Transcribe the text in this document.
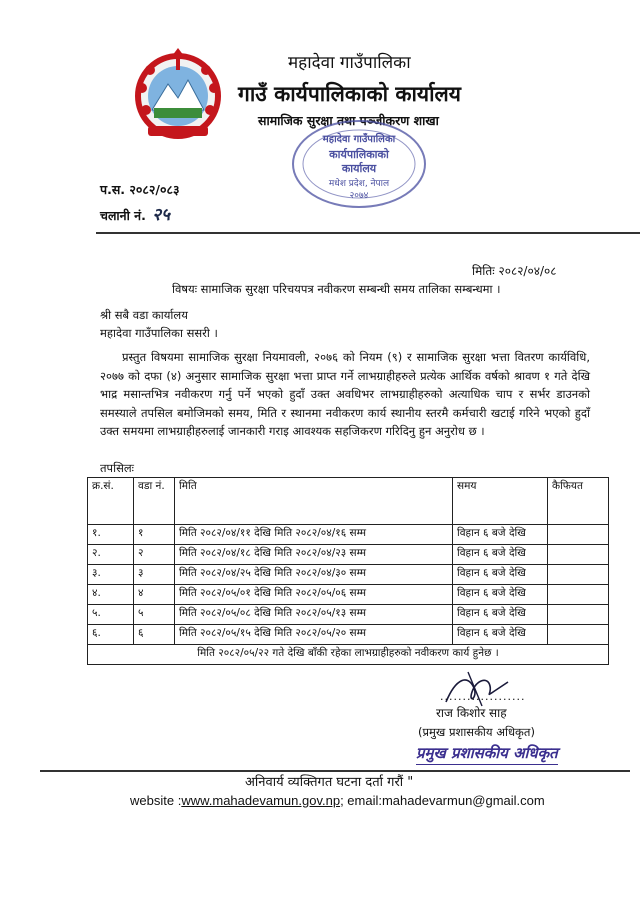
महादेवा गाउँपालिका
गाउँ कार्यपालिकाको कार्यालय
सामाजिक सुरक्षा तथा पञ्जीकरण शाखा
महादेवा गाउँपालिका
कार्यपालिकाको
कार्यालय
मधेश प्रदेश, नेपाल
२०७४
प.स. २०८२/०८३
चलानी नं. २५
मितिः २०८२/०४/०८
विषयः सामाजिक सुरक्षा परिचयपत्र नवीकरण सम्बन्धी समय तालिका सम्बन्धमा ।
श्री सबै वडा कार्यालय
महादेवा गाउँपालिका ससरी ।

प्रस्तुत विषयमा सामाजिक सुरक्षा नियमावली, २०७६ को नियम (९) र सामाजिक सुरक्षा भत्ता वितरण कार्यविधि, २०७७ को दफा (४) अनुसार सामाजिक सुरक्षा भत्ता प्राप्त गर्ने लाभग्राहीहरुले प्रत्येक आर्थिक वर्षको श्रावण १ गते देखि भाद्र मसान्तभित्र नवीकरण गर्नु पर्ने भएको हुदाँ उक्त अवधिभर लाभग्राहीहरुको अत्याधिक चाप र सर्भर डाउनको समस्याले तपसिल बमोजिमको समय, मिति र स्थानमा नवीकरण कार्य स्थानीय स्तरमै कर्मचारी खटाई गरिने भएको हुदाँ उक्त समयमा लाभग्राहीहरुलाई जानकारी गराइ आवश्यक सहजिकरण गरिदिनु हुन अनुरोध छ ।

तपसिलः
क्र.सं.	वडा नं.	मिति	समय	कैफियत
१.	१	मिति २०८२/०४/११ देखि मिति २०८२/०४/१६ सम्म	विहान ६ बजे देखि	
२.	२	मिति २०८२/०४/१८ देखि मिति २०८२/०४/२३ सम्म	विहान ६ बजे देखि	
३.	३	मिति २०८२/०४/२५ देखि मिति २०८२/०४/३० सम्म	विहान ६ बजे देखि	
४.	४	मिति २०८२/०५/०१ देखि मिति २०८२/०५/०६ सम्म	विहान ६ बजे देखि	
५.	५	मिति २०८२/०५/०८ देखि मिति २०८२/०५/१३ सम्म	विहान ६ बजे देखि	
६.	६	मिति २०८२/०५/१५ देखि मिति २०८२/०५/२० सम्म	विहान ६ बजे देखि	
मिति २०८२/०५/२२ गते देखि बाँकी रहेका लाभग्राहीहरुको नवीकरण कार्य हुनेछ ।				
...................
राज किशोर साह
(प्रमुख प्रशासकीय अधिकृत)
प्रमुख प्रशासकीय अधिकृत
अनिवार्य व्यक्तिगत घटना दर्ता गरौं "
website :www.mahadevamun.gov.np; email:mahadevarmun@gmail.com
